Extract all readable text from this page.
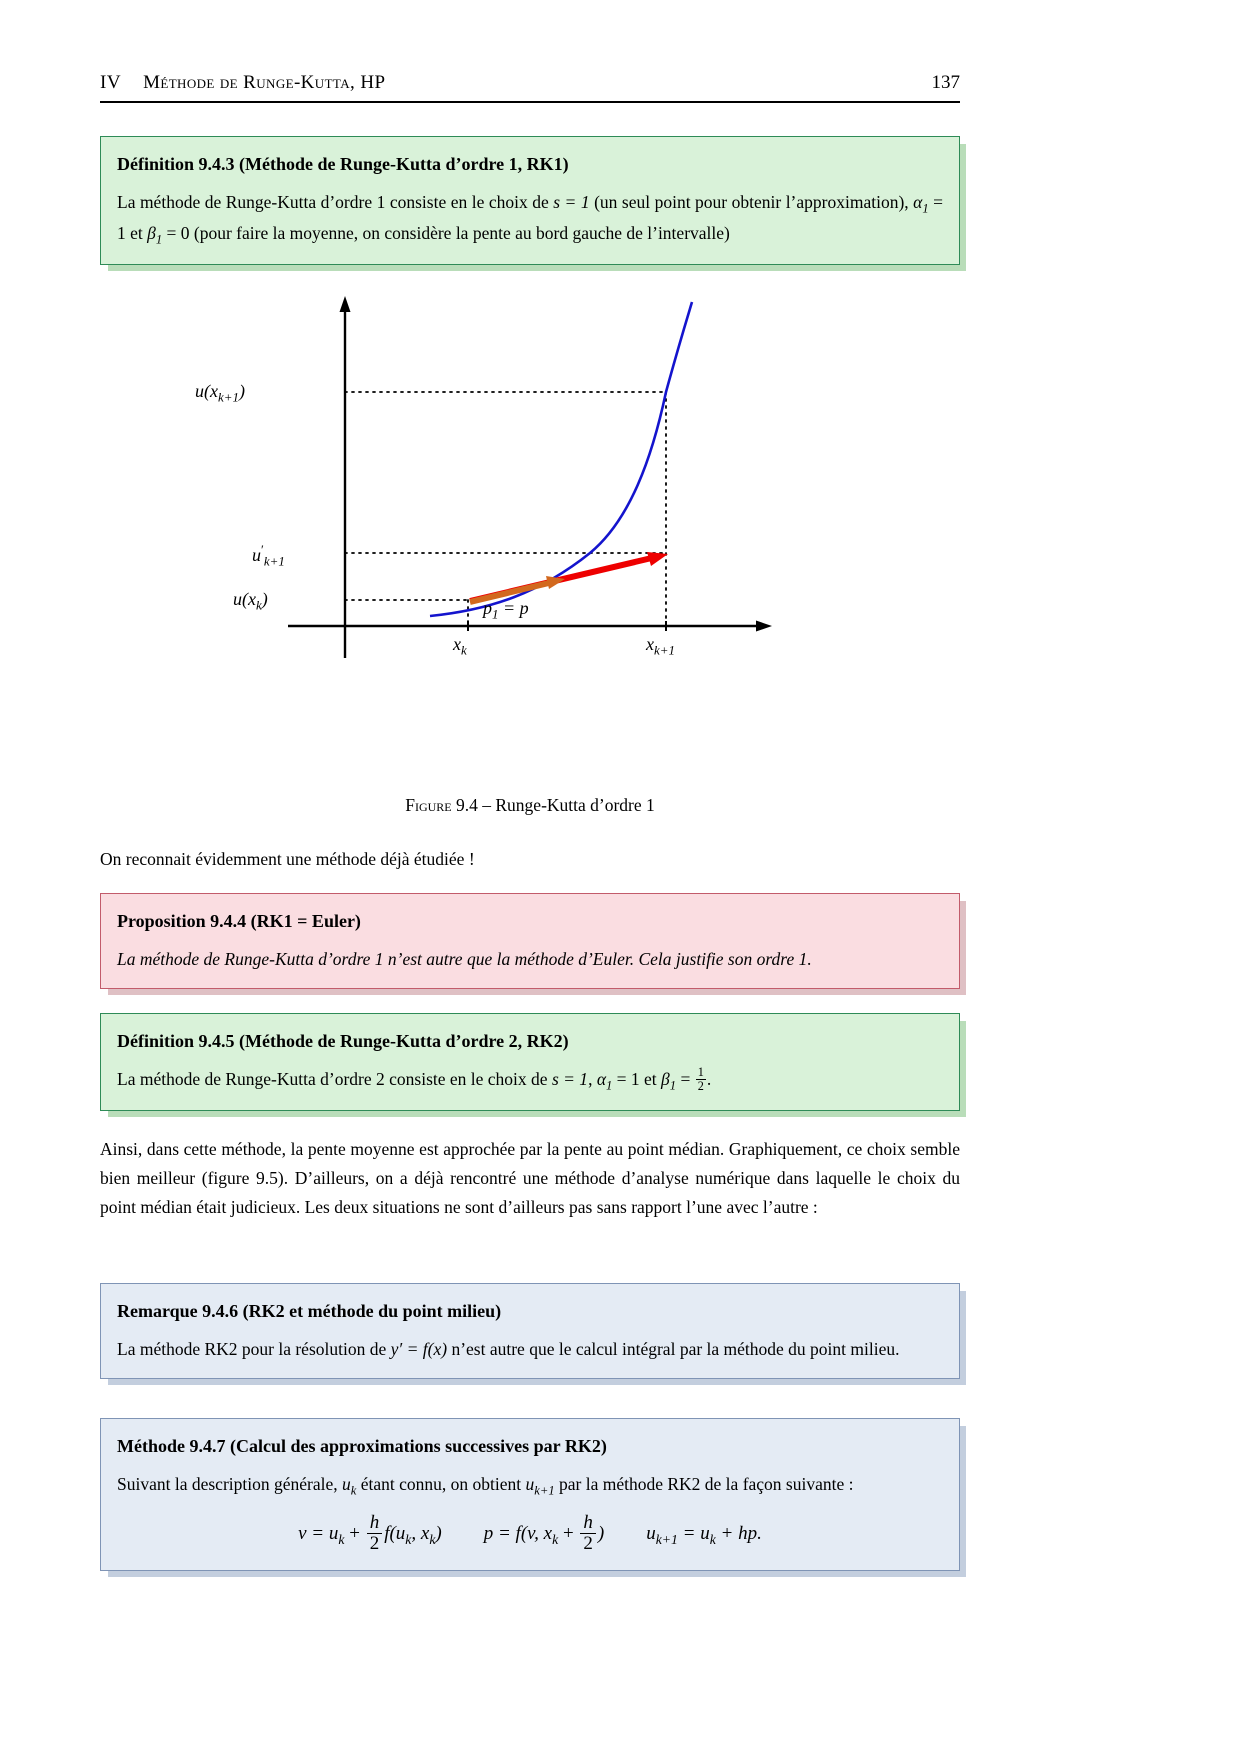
IV Méthode de Runge-Kutta, HP	137
Définition 9.4.3 (Méthode de Runge-Kutta d’ordre 1, RK1)
La méthode de Runge-Kutta d’ordre 1 consiste en le choix de s = 1 (un seul point pour obtenir l’approximation), $\alpha_1 = 1$ et $\beta_1 = 0$ (pour faire la moyenne, on considère la pente au bord gauche de l’intervalle)
$u(x_{k+1})$
$u'_{k+1}$
$u(x_k)$
$x_k$	$x_{k+1}$
$p_1 = p$
Figure 9.4 – Runge-Kutta d’ordre 1
On reconnait évidemment une méthode déjà étudiée !
Proposition 9.4.4 (RK1 = Euler)
La méthode de Runge-Kutta d’ordre 1 n’est autre que la méthode d’Euler. Cela justifie son ordre 1.
Définition 9.4.5 (Méthode de Runge-Kutta d’ordre 2, RK2)
La méthode de Runge-Kutta d’ordre 2 consiste en le choix de s = 1, $\alpha_1 = 1$ et $\beta_1 = \frac{1}{2}$ .
Ainsi, dans cette méthode, la pente moyenne est approchée par la pente au point médian. Graphiquement, ce choix semble bien meilleur (figure 9.5). D’ailleurs, on a déjà rencontré une méthode d’analyse numérique dans laquelle le choix du point médian était judicieux. Les deux situations ne sont d’ailleurs pas sans rapport l’une avec l’autre :
Remarque 9.4.6 (RK2 et méthode du point milieu)
La méthode RK2 pour la résolution de y′ = f(x) n’est autre que le calcul intégral par la méthode du point milieu.
Méthode 9.4.7 (Calcul des approximations successives par RK2)
Suivant la description générale, $u_k$ étant connu, on obtient $u_{k+1}$ par la méthode RK2 de la façon suivante :
$v = u_k + \frac{h}{2} f(u_k$, $x_k$) p = f(v, $x_k + \frac{h}{2}$ ) $u_{k+1} = u_k$ + hp.
